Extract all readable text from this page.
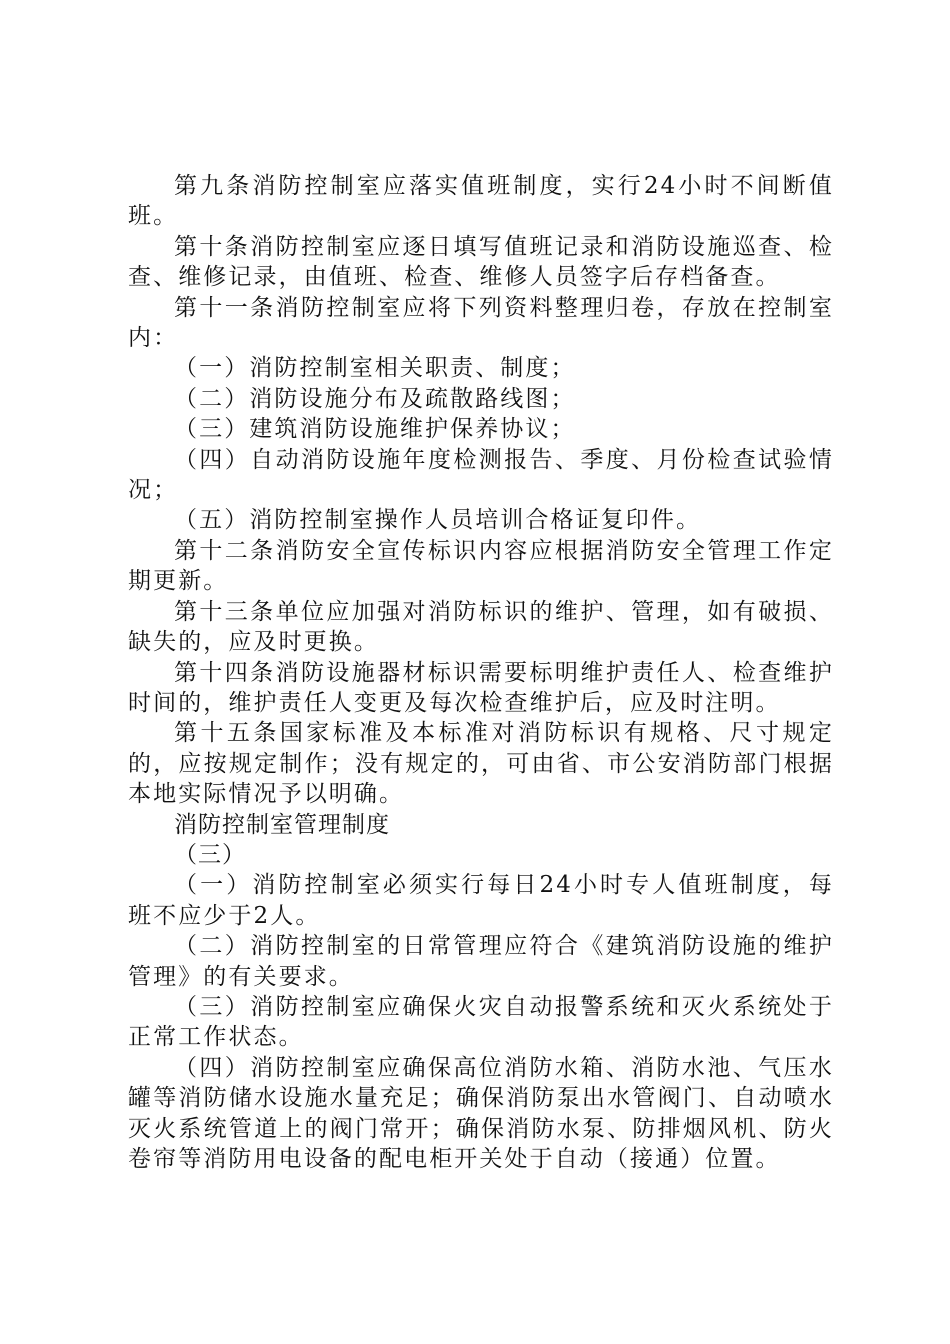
第九条消防控制室应落实值班制度，实行24小时不间断值班。

第十条消防控制室应逐日填写值班记录和消防设施巡查、检查、维修记录，由值班、检查、维修人员签字后存档备查。

第十一条消防控制室应将下列资料整理归卷，存放在控制室内：

（一）消防控制室相关职责、制度；

（二）消防设施分布及疏散路线图；

（三）建筑消防设施维护保养协议；

（四）自动消防设施年度检测报告、季度、月份检查试验情况；

（五）消防控制室操作人员培训合格证复印件。

第十二条消防安全宣传标识内容应根据消防安全管理工作定期更新。

第十三条单位应加强对消防标识的维护、管理，如有破损、缺失的，应及时更换。

第十四条消防设施器材标识需要标明维护责任人、检查维护时间的，维护责任人变更及每次检查维护后，应及时注明。

第十五条国家标准及本标准对消防标识有规格、尺寸规定的，应按规定制作；没有规定的，可由省、市公安消防部门根据本地实际情况予以明确。

消防控制室管理制度

（三）

（一）消防控制室必须实行每日24小时专人值班制度，每班不应少于2人。

（二）消防控制室的日常管理应符合《建筑消防设施的维护管理》的有关要求。

（三）消防控制室应确保火灾自动报警系统和灭火系统处于正常工作状态。

（四）消防控制室应确保高位消防水箱、消防水池、气压水罐等消防储水设施水量充足；确保消防泵出水管阀门、自动喷水灭火系统管道上的阀门常开；确保消防水泵、防排烟风机、防火卷帘等消防用电设备的配电柜开关处于自动（接通）位置。
